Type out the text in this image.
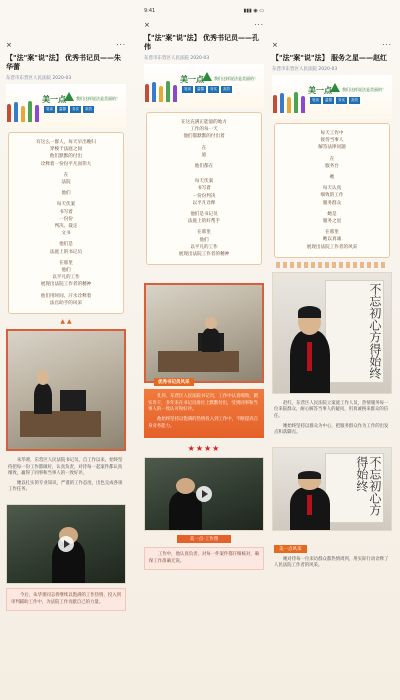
×	···
【"法"案"说"法】 优秀书记员——朱华蕾
东营市东营区人民法院 2020-03
美一点	我们这样说法是美丽的！
笔谈	温馨	务实	高效

有这么一群人，每天早出晚归

穿梭于法庭之间

他们默默的付出

诠释着一份份平凡而伟大

在

法院

他们

每天伏案

书写着

一份份

判决、裁定

文书

他们是

法庭上的书记员

在那里

他们

以平凡的工作

展现出法院工作者的精神

他们用时间、汗水诠释着

法官助手的风采

▲ ▲

朱华蕾，东营区人民法院书记员，自工作以来，始终坚持把每一份工作都做好，认真负责，对待每一起案件都认真细致，赢得了同事和当事人的一致好评。

她以扎实的专业知识，严谨的工作态度，出色完成各项工作任务。

今后，朱华蕾同志将继续以饱满的工作热情，投入到审判辅助工作中，为法院工作贡献自己的力量。

9:41	▮▮▮ ◉ ▭
×	···
【"法"案"说"法】 优秀书记员——孔伟
东营市东营区人民法院 2020-03
美一点	我们这样说法是美丽的！
笔谈	温馨	务实	高效

在这充满正能量的地方

工作的每一天

他们都默默的付出着

在

庭

他们都在

每天伏案

书写着

一份份判决

以平凡诠释

他们是书记员

法庭上的好帮手

在那里

他们

以平凡的工作

展现出法院工作者的精神

优秀书记员风采

孔伟，东营区人民法院书记员，工作中认真细致、踏实肯干，多年来在书记员岗位上默默付出，受到同事和当事人的一致认可和好评。

他始终坚持以饱满的热情投入到工作中，不断提高自身业务能力。

★★★★
美一点·工作照

工作中，他认真负责，对每一件案件都仔细核对，确保工作准确无误。

×	···
【"法"案"说"法】 服务之星——赵红
东营市东营区人民法院 2020-03
美一点	我们这样说法是美丽的！
笔谈	温馨	务实	高效

每天工作中

接待当事人

解答法律问题

在

服务台

她

每天认真

细致的工作

服务群众

她是

服务之星

在那里

她以真诚

展现出法院工作者的风采

不忘初心方得始终

赵红，东营区人民法院立案庭工作人员，热情服务每一位来院群众，耐心解答当事人的疑问，用真诚换来群众的信任。

她始终坚持以群众为中心，把服务群众作为工作的出发点和落脚点。

不忘初心方得始终
美一点风采

她对待每一位来访群众都热情周到，用实际行动诠释了人民法院工作者的风采。
